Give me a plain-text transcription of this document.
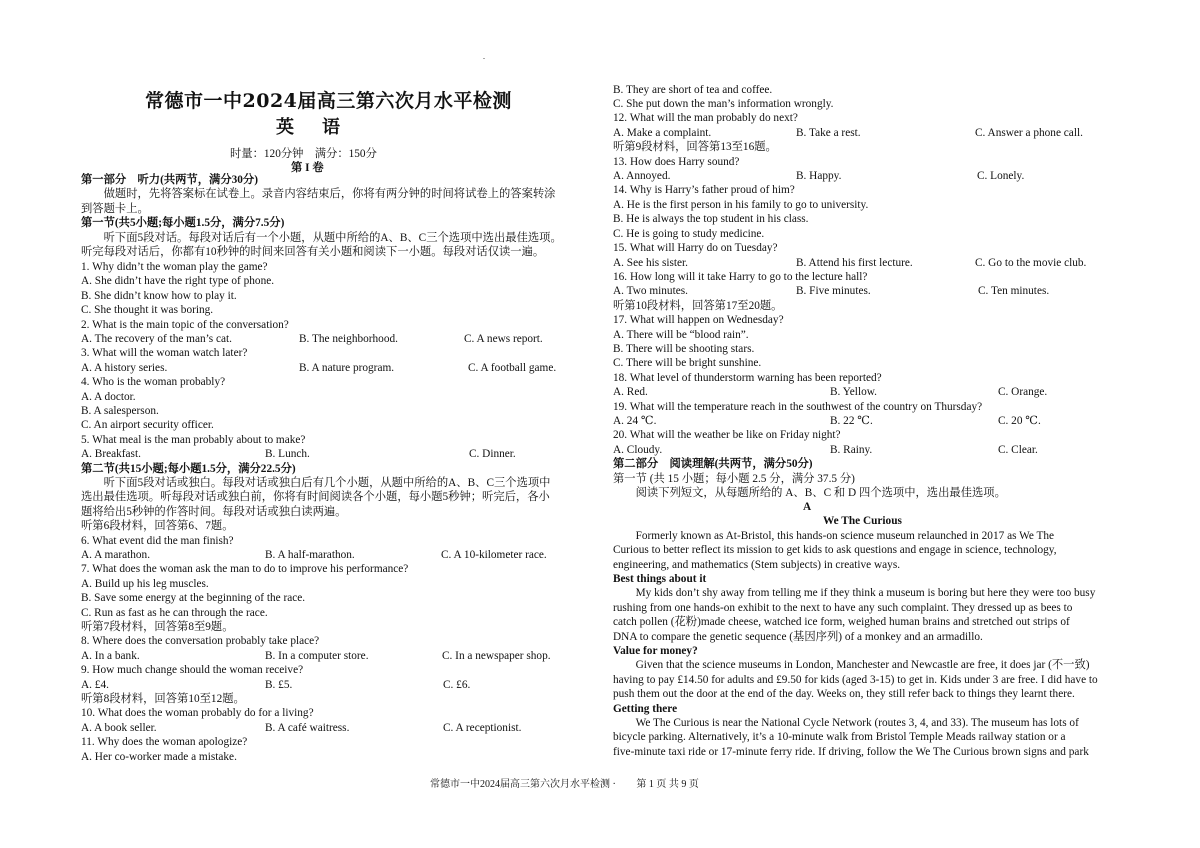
.
常德市一中2024届高三第六次月水平检测
英语
时量：120分钟　满分：150分
第 I 卷
第一部分　听力(共两节，满分30分)
　　做题时，先将答案标在试卷上。录音内容结束后，你将有两分钟的时间将试卷上的答案转涂
到答题卡上。
第一节(共5小题;每小题1.5分，满分7.5分)
　　听下面5段对话。每段对话后有一个小题，从题中所给的A、B、C三个选项中选出最佳选项。
听完每段对话后，你都有10秒钟的时间来回答有关小题和阅读下一小题。每段对话仅读一遍。
1. Why didn’t the woman play the game?
A. She didn’t have the right type of phone.
B. She didn’t know how to play it.
C. She thought it was boring.
2. What is the main topic of the conversation?
A. The recovery of the man’s cat.	B. The neighborhood.	C. A news report.
3. What will the woman watch later?
A. A history series.	B. A nature program.	C. A football game.
4. Who is the woman probably?
A. A doctor.
B. A salesperson.
C. An airport security officer.
5. What meal is the man probably about to make?
A. Breakfast.	B. Lunch.	C. Dinner.
第二节(共15小题;每小题1.5分，满分22.5分)
　　听下面5段对话或独白。每段对话或独白后有几个小题，从题中所给的A、B、C三个选项中
选出最佳选项。听每段对话或独白前，你将有时间阅读各个小题，每小题5秒钟；听完后，各小
题将给出5秒钟的作答时间。每段对话或独白读两遍。
听第6段材料，回答第6、7题。
6. What event did the man finish?
A. A marathon.	B. A half-marathon.	C. A 10-kilometer race.
7. What does the woman ask the man to do to improve his performance?
A. Build up his leg muscles.
B. Save some energy at the beginning of the race.
C. Run as fast as he can through the race.
听第7段材料，回答第8至9题。
8. Where does the conversation probably take place?
A. In a bank.	B. In a computer store.	C. In a newspaper shop.
9. How much change should the woman receive?
A. £4.	B. £5.	C. £6.
听第8段材料，回答第10至12题。
10. What does the woman probably do for a living?
A. A book seller.	B. A café waitress.	C. A receptionist.
11. Why does the woman apologize?
A. Her co-worker made a mistake.
B. They are short of tea and coffee.
C. She put down the man’s information wrongly.
12. What will the man probably do next?
A. Make a complaint.	B. Take a rest.	C. Answer a phone call.
听第9段材料，回答第13至16题。
13. How does Harry sound?
A. Annoyed.	B. Happy.	C. Lonely.
14. Why is Harry’s father proud of him?
A. He is the first person in his family to go to university.
B. He is always the top student in his class.
C. He is going to study medicine.
15. What will Harry do on Tuesday?
A. See his sister.	B. Attend his first lecture.	C. Go to the movie club.
16. How long will it take Harry to go to the lecture hall?
A. Two minutes.	B. Five minutes.	C. Ten minutes.
听第10段材料，回答第17至20题。
17. What will happen on Wednesday?
A. There will be “blood rain”.
B. There will be shooting stars.
C. There will be bright sunshine.
18. What level of thunderstorm warning has been reported?
A. Red.	B. Yellow.	C. Orange.
19. What will the temperature reach in the southwest of the country on Thursday?
A. 24 ℃.	B. 22 ℃.	C. 20 ℃.
20. What will the weather be like on Friday night?
A. Cloudy.	B. Rainy.	C. Clear.
第二部分　阅读理解(共两节，满分50分)
第一节 (共 15 小题；每小题 2.5 分，满分 37.5 分)
　　阅读下列短文，从每题所给的 A、B、C 和 D 四个选项中，选出最佳选项。
A
We The Curious
　　Formerly known as At-Bristol, this hands-on science museum relaunched in 2017 as We The
Curious to better reflect its mission to get kids to ask questions and engage in science, technology,
engineering, and mathematics (Stem subjects) in creative ways.
Best things about it
　　My kids don’t shy away from telling me if they think a museum is boring but here they were too busy
rushing from one hands-on exhibit to the next to have any such complaint. They dressed up as bees to
catch pollen (花粉)made cheese, watched ice form, weighed human brains and stretched out strips of
DNA to compare the genetic sequence (基因序列) of a monkey and an armadillo.
Value for money?
　　Given that the science museums in London, Manchester and Newcastle are free, it does jar (不一致)
having to pay £14.50 for adults and £9.50 for kids (aged 3-15) to get in. Kids under 3 are free. I did have to
push them out the door at the end of the day. Weeks on, they still refer back to things they learnt there.
Getting there
　　We The Curious is near the National Cycle Network (routes 3, 4, and 33). The museum has lots of
bicycle parking. Alternatively, it’s a 10-minute walk from Bristol Temple Meads railway station or a
five-minute taxi ride or 17-minute ferry ride. If driving, follow the We The Curious brown signs and park
常德市一中2024届高三第六次月水平检测 · 第 1 页 共 9 页
